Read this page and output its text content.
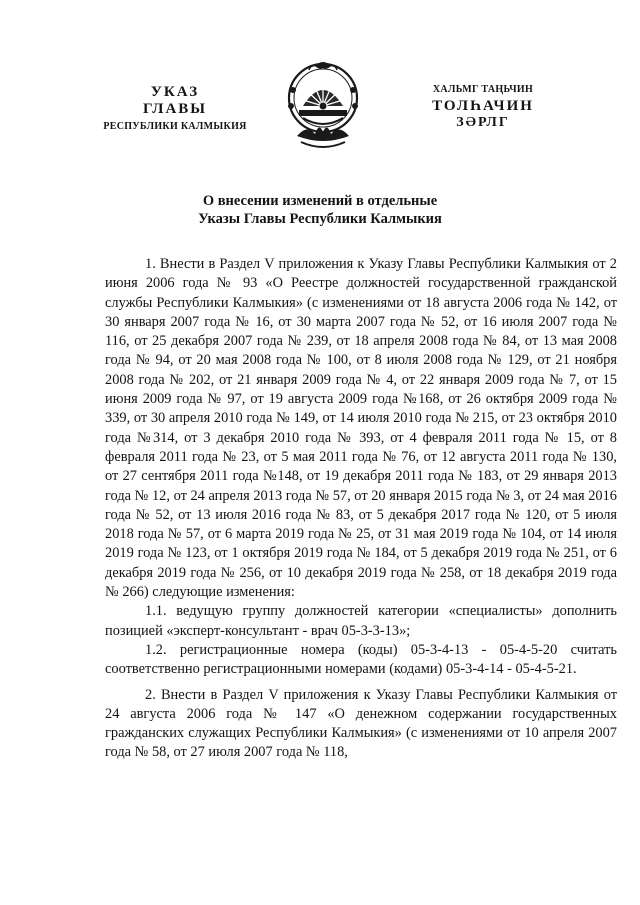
УКАЗ
ГЛАВЫ
РЕСПУБЛИКИ КАЛМЫКИЯ
ХАЛЬМГ ТАҢЬЧИН
ТОЛҺАЧИН
ЗӘРЛГ
О внесении изменений в отдельные
Указы Главы Республики Калмыкия

1. Внести в Раздел V приложения к Указу Главы Республики Калмыкия от 2 июня 2006 года № 93 «О Реестре должностей государственной гражданской службы Республики Калмыкия» (с изменениями от 18 августа 2006 года № 142, от 30 января 2007 года № 16, от 30 марта 2007 года № 52, от 16 июля 2007 года № 116, от 25 декабря 2007 года № 239, от 18 апреля 2008 года № 84, от 13 мая 2008 года № 94, от 20 мая 2008 года № 100, от 8 июля 2008 года № 129, от 21 ноября 2008 года № 202, от 21 января 2009 года № 4, от 22 января 2009 года № 7, от 15 июня 2009 года № 97, от 19 августа 2009 года №168, от 26 октября 2009 года № 339, от 30 апреля 2010 года № 149, от 14 июля 2010 года № 215, от 23 октября 2010 года №314, от 3 декабря 2010 года № 393, от 4 февраля 2011 года № 15, от 8 февраля 2011 года № 23, от 5 мая 2011 года № 76, от 12 августа 2011 года № 130, от 27 сентября 2011 года №148, от 19 декабря 2011 года № 183, от 29 января 2013 года № 12, от 24 апреля 2013 года № 57, от 20 января 2015 года № 3, от 24 мая 2016 года № 52, от 13 июля 2016 года № 83, от 5 декабря 2017 года № 120, от 5 июля 2018 года № 57, от 6 марта 2019 года № 25, от 31 мая 2019 года № 104, от 14 июля 2019 года № 123, от 1 октября 2019 года № 184, от 5 декабря 2019 года № 251, от 6 декабря 2019 года № 256, от 10 декабря 2019 года № 258, от 18 декабря 2019 года № 266) следующие изменения:

1.1. ведущую группу должностей категории «специалисты» дополнить позицией «эксперт-консультант - врач 05-3-3-13»;

1.2. регистрационные номера (коды) 05-3-4-13 - 05-4-5-20 считать соответственно регистрационными номерами (кодами) 05-3-4-14 - 05-4-5-21.

2. Внести в Раздел V приложения к Указу Главы Республики Калмыкия от 24 августа 2006 года № 147 «О денежном содержании государственных гражданских служащих Республики Калмыкия» (с изменениями от 10 апреля 2007 года № 58, от 27 июля 2007 года № 118,
